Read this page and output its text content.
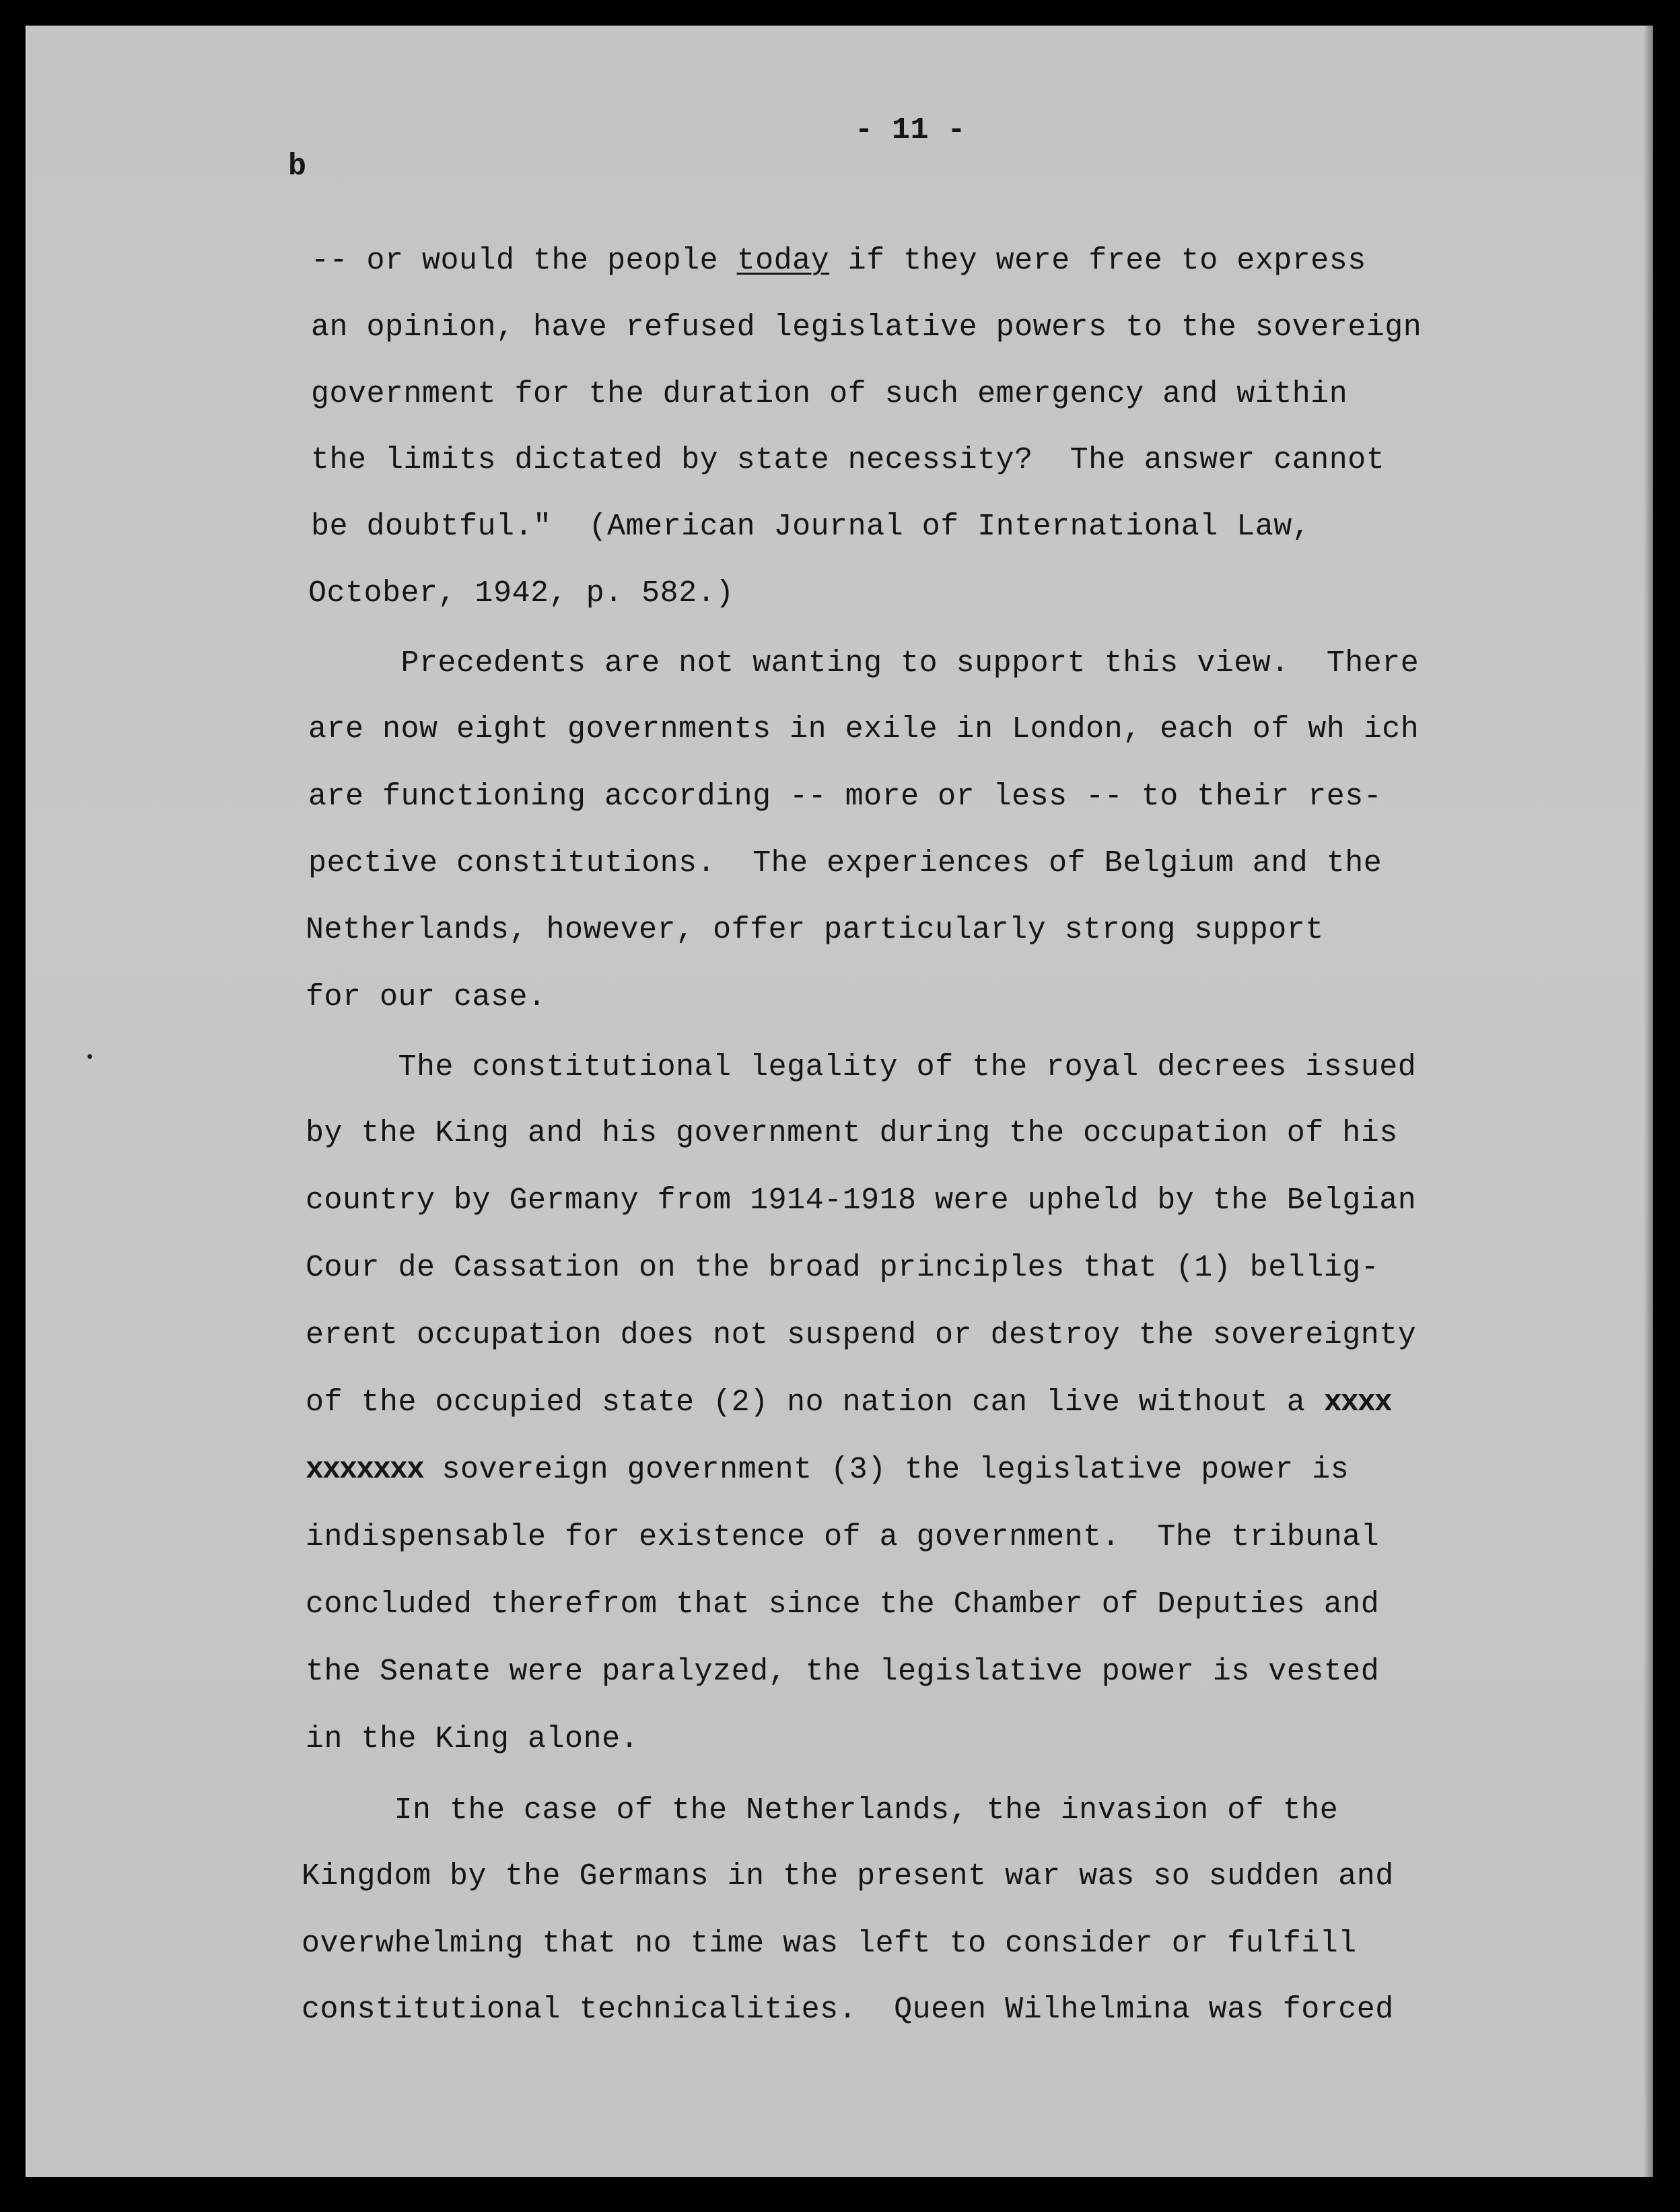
- 11 -
b
-- or would the people today if they were free to express
an opinion, have refused legislative powers to the sovereign
government for the duration of such emergency and within
the limits dictated by state necessity?  The answer cannot
be doubtful."  (American Journal of International Law,
October, 1942, p. 582.)
Precedents are not wanting to support this view.  There
are now eight governments in exile in London, each of wh ich
are functioning according -- more or less -- to their res-
pective constitutions.  The experiences of Belgium and the
Netherlands, however, offer particularly strong support
for our case.
The constitutional legality of the royal decrees issued
by the King and his government during the occupation of his
country by Germany from 1914-1918 were upheld by the Belgian
Cour de Cassation on the broad principles that (1) bellig-
erent occupation does not suspend or destroy the sovereignty
of the occupied state (2) no nation can live without a xxxx
xxxxxxx sovereign government (3) the legislative power is
indispensable for existence of a government.  The tribunal
concluded therefrom that since the Chamber of Deputies and
the Senate were paralyzed, the legislative power is vested
in the King alone.
In the case of the Netherlands, the invasion of the
Kingdom by the Germans in the present war was so sudden and
overwhelming that no time was left to consider or fulfill
constitutional technicalities.  Queen Wilhelmina was forced
